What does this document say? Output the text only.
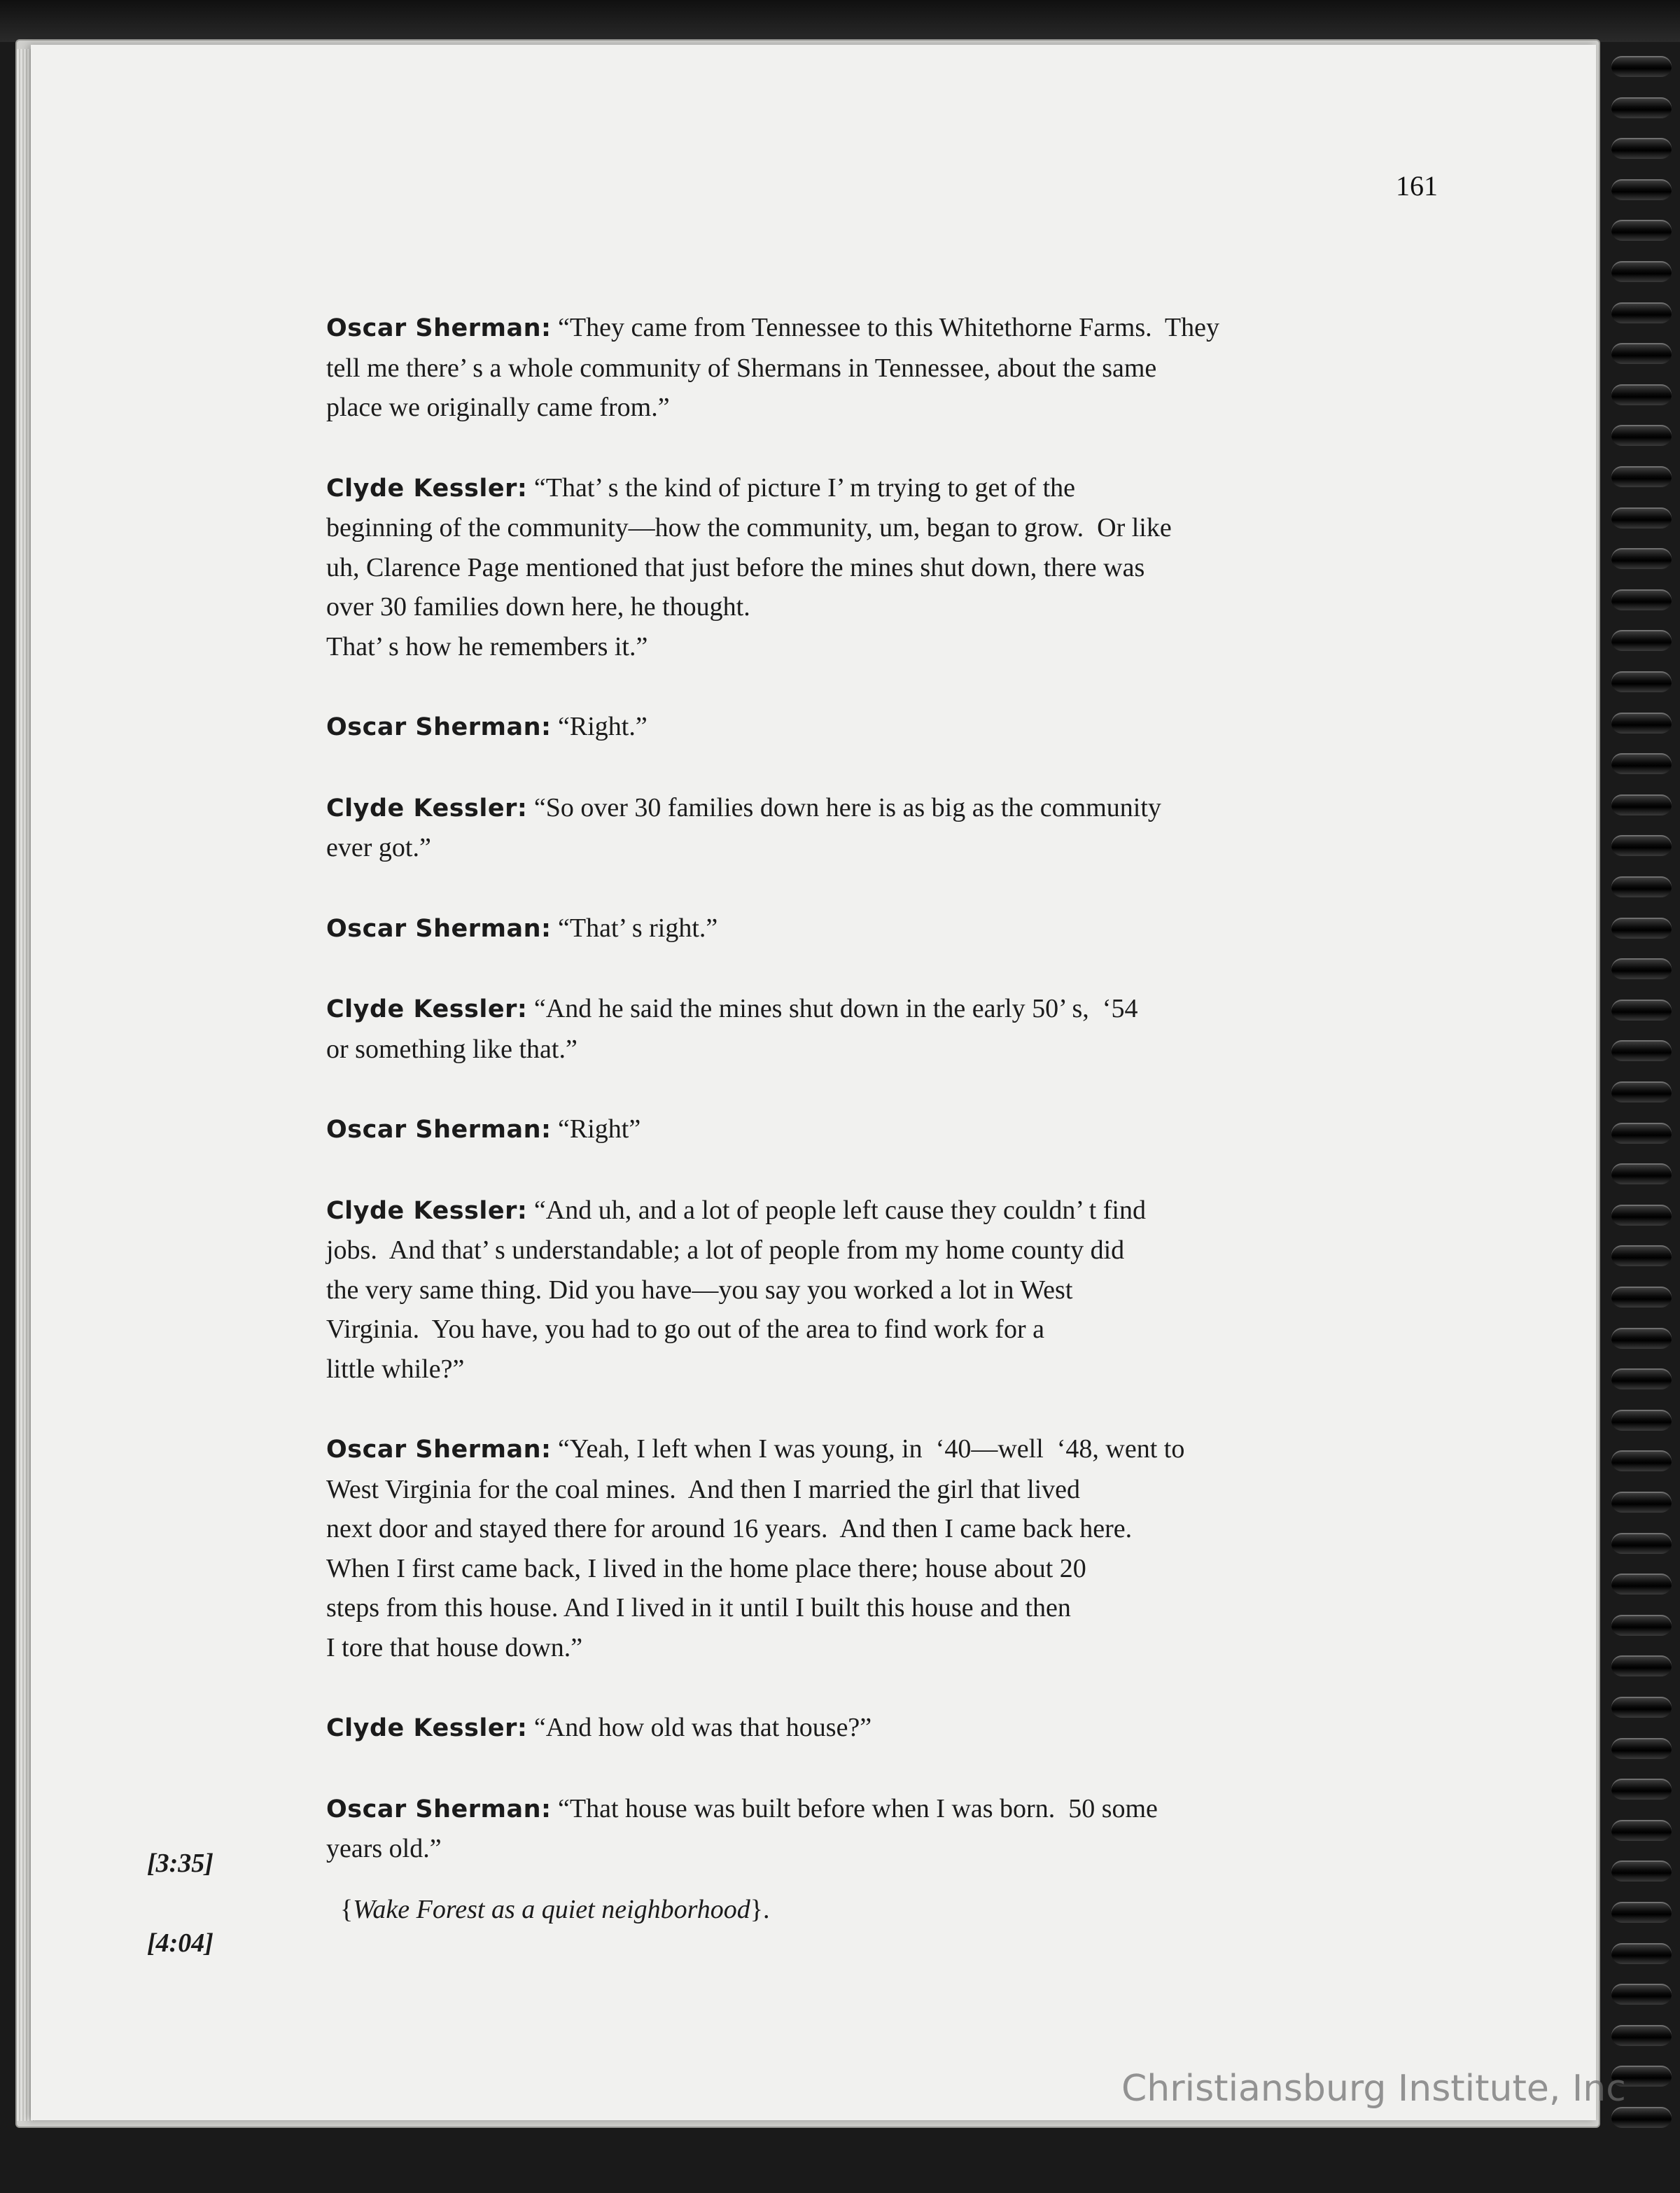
161
Oscar Sherman: “They came from Tennessee to this Whitethorne Farms.  They
tell me there’ s a whole community of Shermans in Tennessee, about the same
place we originally came from.”
Clyde Kessler: “That’ s the kind of picture I’ m trying to get of the
beginning of the community—how the community, um, began to grow.  Or like
uh, Clarence Page mentioned that just before the mines shut down, there was
over 30 families down here, he thought.
That’ s how he remembers it.”
Oscar Sherman: “Right.”
Clyde Kessler: “So over 30 families down here is as big as the community
ever got.”
Oscar Sherman: “That’ s right.”
Clyde Kessler: “And he said the mines shut down in the early 50’ s,  ‘54
or something like that.”
Oscar Sherman: “Right”
Clyde Kessler: “And uh, and a lot of people left cause they couldn’ t find
jobs.  And that’ s understandable; a lot of people from my home county did
the very same thing. Did you have—you say you worked a lot in West
Virginia.  You have, you had to go out of the area to find work for a
little while?”
Oscar Sherman: “Yeah, I left when I was young, in  ‘40—well  ‘48, went to
West Virginia for the coal mines.  And then I married the girl that lived
next door and stayed there for around 16 years.  And then I came back here.
When I first came back, I lived in the home place there; house about 20
steps from this house. And I lived in it until I built this house and then
I tore that house down.”
Clyde Kessler: “And how old was that house?”
Oscar Sherman: “That house was built before when I was born.  50 some
years old.”
[3:35]
{Wake Forest as a quiet neighborhood}.
[4:04]
Christiansburg Institute, Inc
